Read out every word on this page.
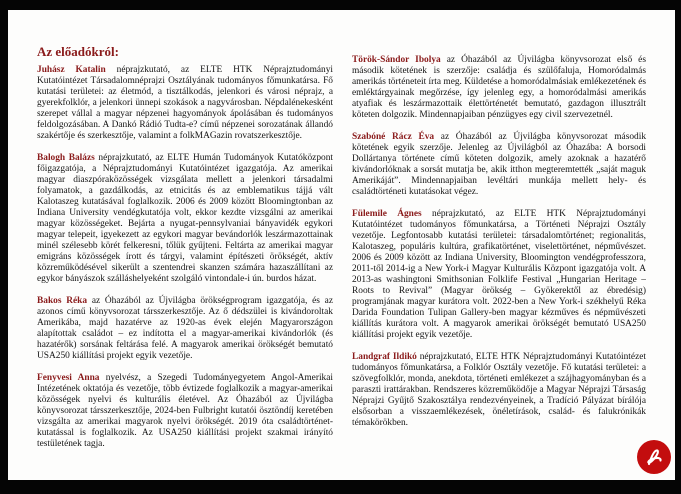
Az előadókról:

Juhász Katalin néprajzkutató, az ELTE HTK Néprajztudományi Kutatóintézet Társadalomnéprajzi Osztályának tudományos főmunkatársa. Fő kutatási területei: az életmód, a tisztálkodás, jelenkori és városi néprajz, a gyerekfolklór, a jelenkori ünnepi szokások a nagyvárosban. Népdalénekesként szerepet vállal a magyar népzenei hagyományok ápolásában és tudományos feldolgozásában. A Dankó Rádió Tudta-e? című népzenei sorozatának állandó szakértője és szerkesztője, valamint a folkMAGazin rovatszerkesztője.

Balogh Balázs néprajzkutató, az ELTE Humán Tudományok Kutatóközpont főigazgatója, a Néprajztudományi Kutatóintézet igazgatója. Az amerikai magyar diaszpóraközösségek vizsgálata mellett a jelenkori társadalmi folyamatok, a gazdálkodás, az etnicitás és az emblematikus tájjá vált Kalotaszeg kutatásával foglalkozik. 2006 és 2009 között Bloomingtonban az Indiana University vendégkutatója volt, ekkor kezdte vizsgálni az amerikai magyar közösségeket. Bejárta a nyugat-pennsylvaniai bányavidék egykori magyar telepeit, igyekezett az egykori magyar bevándorlók leszármazottainak minél szélesebb körét felkeresni, tőlük gyűjteni. Feltárta az amerikai magyar emigráns közösségek írott és tárgyi, valamint építészeti örökségét, aktív közreműködésével sikerült a szentendrei skanzen számára hazaszállítani az egykor bányászok szálláshelyeként szolgáló vintondale-i ún. burdos házat.

Bakos Réka az Óhazából az Újvilágba örökségprogram igazgatója, és az azonos című könyvsorozat társszerkesztője. Az ő dédszülei is kivándoroltak Amerikába, majd hazatérve az 1920-as évek elején Magyarországon alapítottak családot – ez indította el a magyar-amerikai kivándorlók (és hazatérők) sorsának feltárása felé. A magyarok amerikai örökségét bemutató USA250 kiállítási projekt egyik vezetője.

Fenyvesi Anna nyelvész, a Szegedi Tudományegyetem Angol-Amerikai Intézetének oktatója és vezetője, több évtizede foglalkozik a magyar-amerikai közösségek nyelvi és kulturális életével. Az Óhazából az Újvilágba könyvsorozat társszerkesztője, 2024-ben Fulbright kutatói ösztöndíj keretében vizsgálta az amerikai magyarok nyelvi örökségét. 2019 óta családtörténet-kutatással is foglalkozik. Az USA250 kiállítási projekt szakmai irányító testületének tagja.

Török-Sándor Ibolya az Óhazából az Újvilágba könyvsorozat első és második kötetének is szerzője: családja és szülőfaluja, Homoródalmás amerikás történeteit írta meg. Küldetése a homoródalmásiak emlékezetének és emléktárgyainak megőrzése, így jelenleg egy, a homoródalmási amerikás atyafiak és leszármazottaik élettörténetét bemutató, gazdagon illusztrált köteten dolgozik. Mindennapjaiban pénzügyes egy civil szervezetnél.

Szabóné Rácz Éva az Óhazából az Újvilágba könyvsorozat második kötetének egyik szerzője. Jelenleg az Újvilágból az Óhazába: A borsodi Dollártanya története című köteten dolgozik, amely azoknak a hazatérő kivándorlóknak a sorsát mutatja be, akik itthon megteremtették „saját maguk Amerikáját”. Mindennapjaiban levéltári munkája mellett hely- és családtörténeti kutatásokat végez.

Fülemile Ágnes néprajzkutató, az ELTE HTK Néprajztudományi Kutatóintézet tudományos főmunkatársa, a Történeti Néprajzi Osztály vezetője. Legfontosabb kutatási területei: társadalomtörténet; regionalitás, Kalotaszeg, populáris kultúra, grafikatörténet, viselettörténet, népművészet. 2006 és 2009 között az Indiana University, Bloomington vendégprofesszora, 2011-től 2014-ig a New York-i Magyar Kulturális Központ igazgatója volt. A 2013-as washingtoni Smithsonian Folklife Festival „Hungarian Heritage – Roots to Revival” (Magyar örökség – Gyökerektől az ébredésig) programjának magyar kurátora volt. 2022-ben a New York-i székhelyű Réka Darida Foundation Tulipan Gallery-ben magyar kézműves és népművészeti kiállítás kurátora volt. A magyarok amerikai örökségét bemutató USA250 kiállítási projekt egyik vezetője.

Landgraf Ildikó néprajzkutató, ELTE HTK Néprajztudományi Kutatóintézet tudományos főmunkatársa, a Folklór Osztály vezetője. Fő kutatási területei: a szövegfolklór, monda, anekdota, történeti emlékezet a szájhagyományban és a paraszti irattárakban. Rendszeres közreműködője a Magyar Néprajzi Társaság Néprajzi Gyűjtő Szakosztálya rendezvényeinek, a Tradíció Pályázat bírálója elsősorban a visszaemlékezések, önéletírások, család- és falukrónikák témakörökben.
